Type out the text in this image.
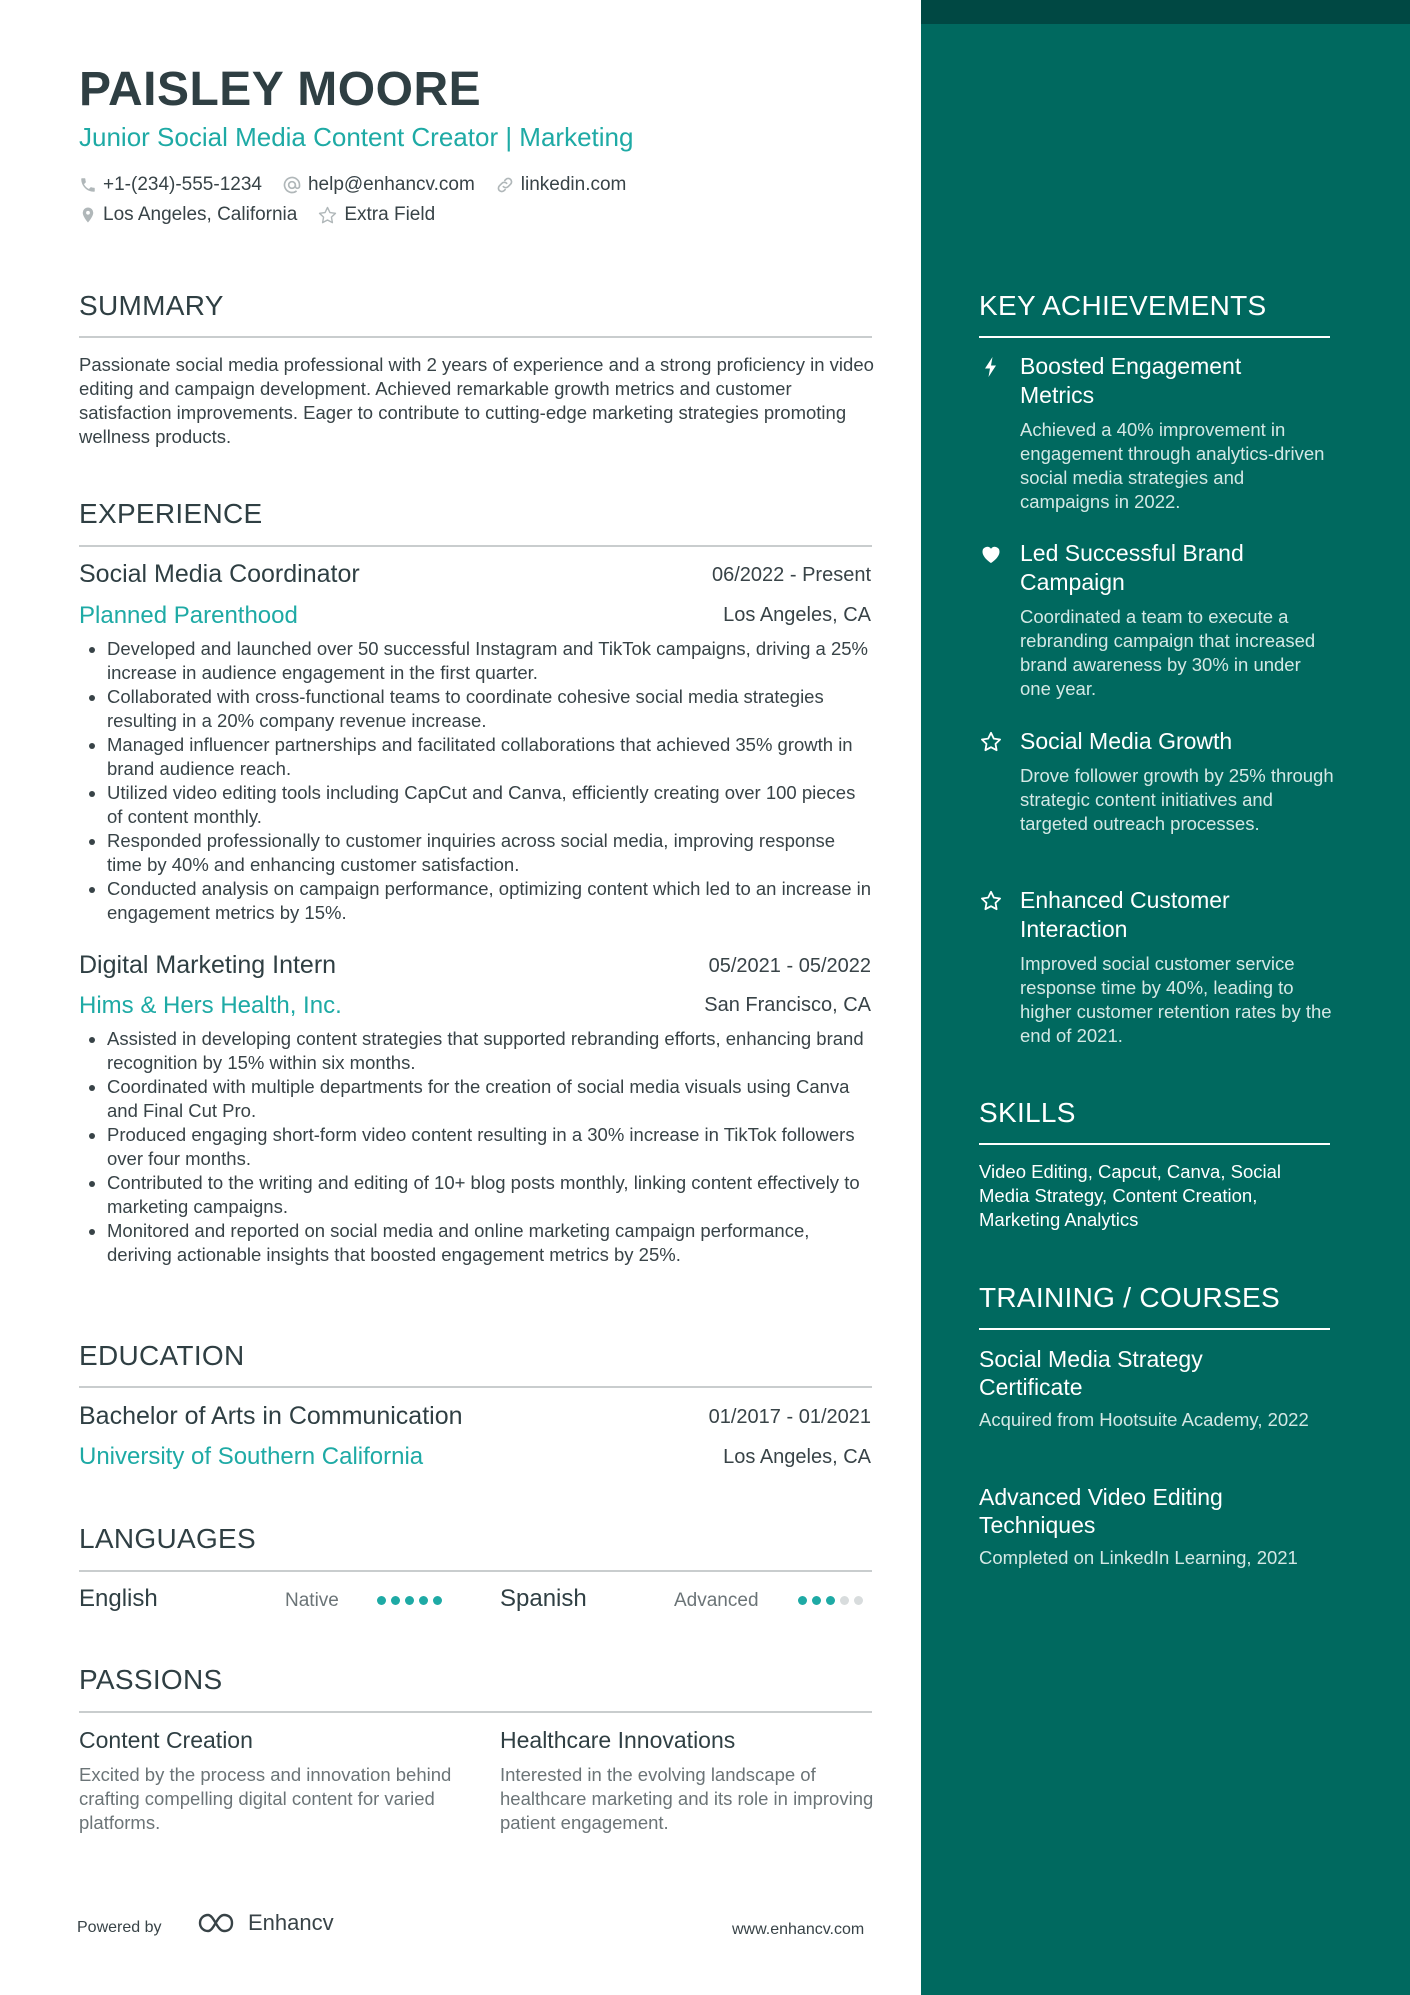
PAISLEY MOORE
Junior Social Media Content Creator | Marketing
+1-(234)-555-1234 help@enhancv.com linkedin.com
Los Angeles, California Extra Field
SUMMARY
Passionate social media professional with 2 years of experience and a strong proficiency in video editing and campaign development. Achieved remarkable growth metrics and customer satisfaction improvements. Eager to contribute to cutting-edge marketing strategies promoting wellness products.
EXPERIENCE
Social Media Coordinator	06/2022 - Present
Planned Parenthood	Los Angeles, CA
• Developed and launched over 50 successful Instagram and TikTok campaigns, driving a 25% increase in audience engagement in the first quarter.
• Collaborated with cross-functional teams to coordinate cohesive social media strategies resulting in a 20% company revenue increase.
• Managed influencer partnerships and facilitated collaborations that achieved 35% growth in brand audience reach.
• Utilized video editing tools including CapCut and Canva, efficiently creating over 100 pieces of content monthly.
• Responded professionally to customer inquiries across social media, improving response time by 40% and enhancing customer satisfaction.
• Conducted analysis on campaign performance, optimizing content which led to an increase in engagement metrics by 15%.
Digital Marketing Intern	05/2021 - 05/2022
Hims & Hers Health, Inc.	San Francisco, CA
• Assisted in developing content strategies that supported rebranding efforts, enhancing brand recognition by 15% within six months.
• Coordinated with multiple departments for the creation of social media visuals using Canva and Final Cut Pro.
• Produced engaging short-form video content resulting in a 30% increase in TikTok followers over four months.
• Contributed to the writing and editing of 10+ blog posts monthly, linking content effectively to marketing campaigns.
• Monitored and reported on social media and online marketing campaign performance, deriving actionable insights that boosted engagement metrics by 25%.
EDUCATION
Bachelor of Arts in Communication	01/2017 - 01/2021
University of Southern California	Los Angeles, CA
LANGUAGES
English	Native	Spanish	Advanced
PASSIONS
Content Creation
Excited by the process and innovation behind crafting compelling digital content for varied platforms.
Healthcare Innovations
Interested in the evolving landscape of healthcare marketing and its role in improving patient engagement.
KEY ACHIEVEMENTS
Boosted Engagement Metrics
Achieved a 40% improvement in engagement through analytics-driven social media strategies and campaigns in 2022.
Led Successful Brand Campaign
Coordinated a team to execute a rebranding campaign that increased brand awareness by 30% in under one year.
Social Media Growth
Drove follower growth by 25% through strategic content initiatives and targeted outreach processes.
Enhanced Customer Interaction
Improved social customer service response time by 40%, leading to higher customer retention rates by the end of 2021.
SKILLS
Video Editing, Capcut, Canva, Social Media Strategy, Content Creation, Marketing Analytics
TRAINING / COURSES
Social Media Strategy Certificate
Acquired from Hootsuite Academy, 2022
Advanced Video Editing Techniques
Completed on LinkedIn Learning, 2021
Powered by	Enhancv	www.enhancv.com
